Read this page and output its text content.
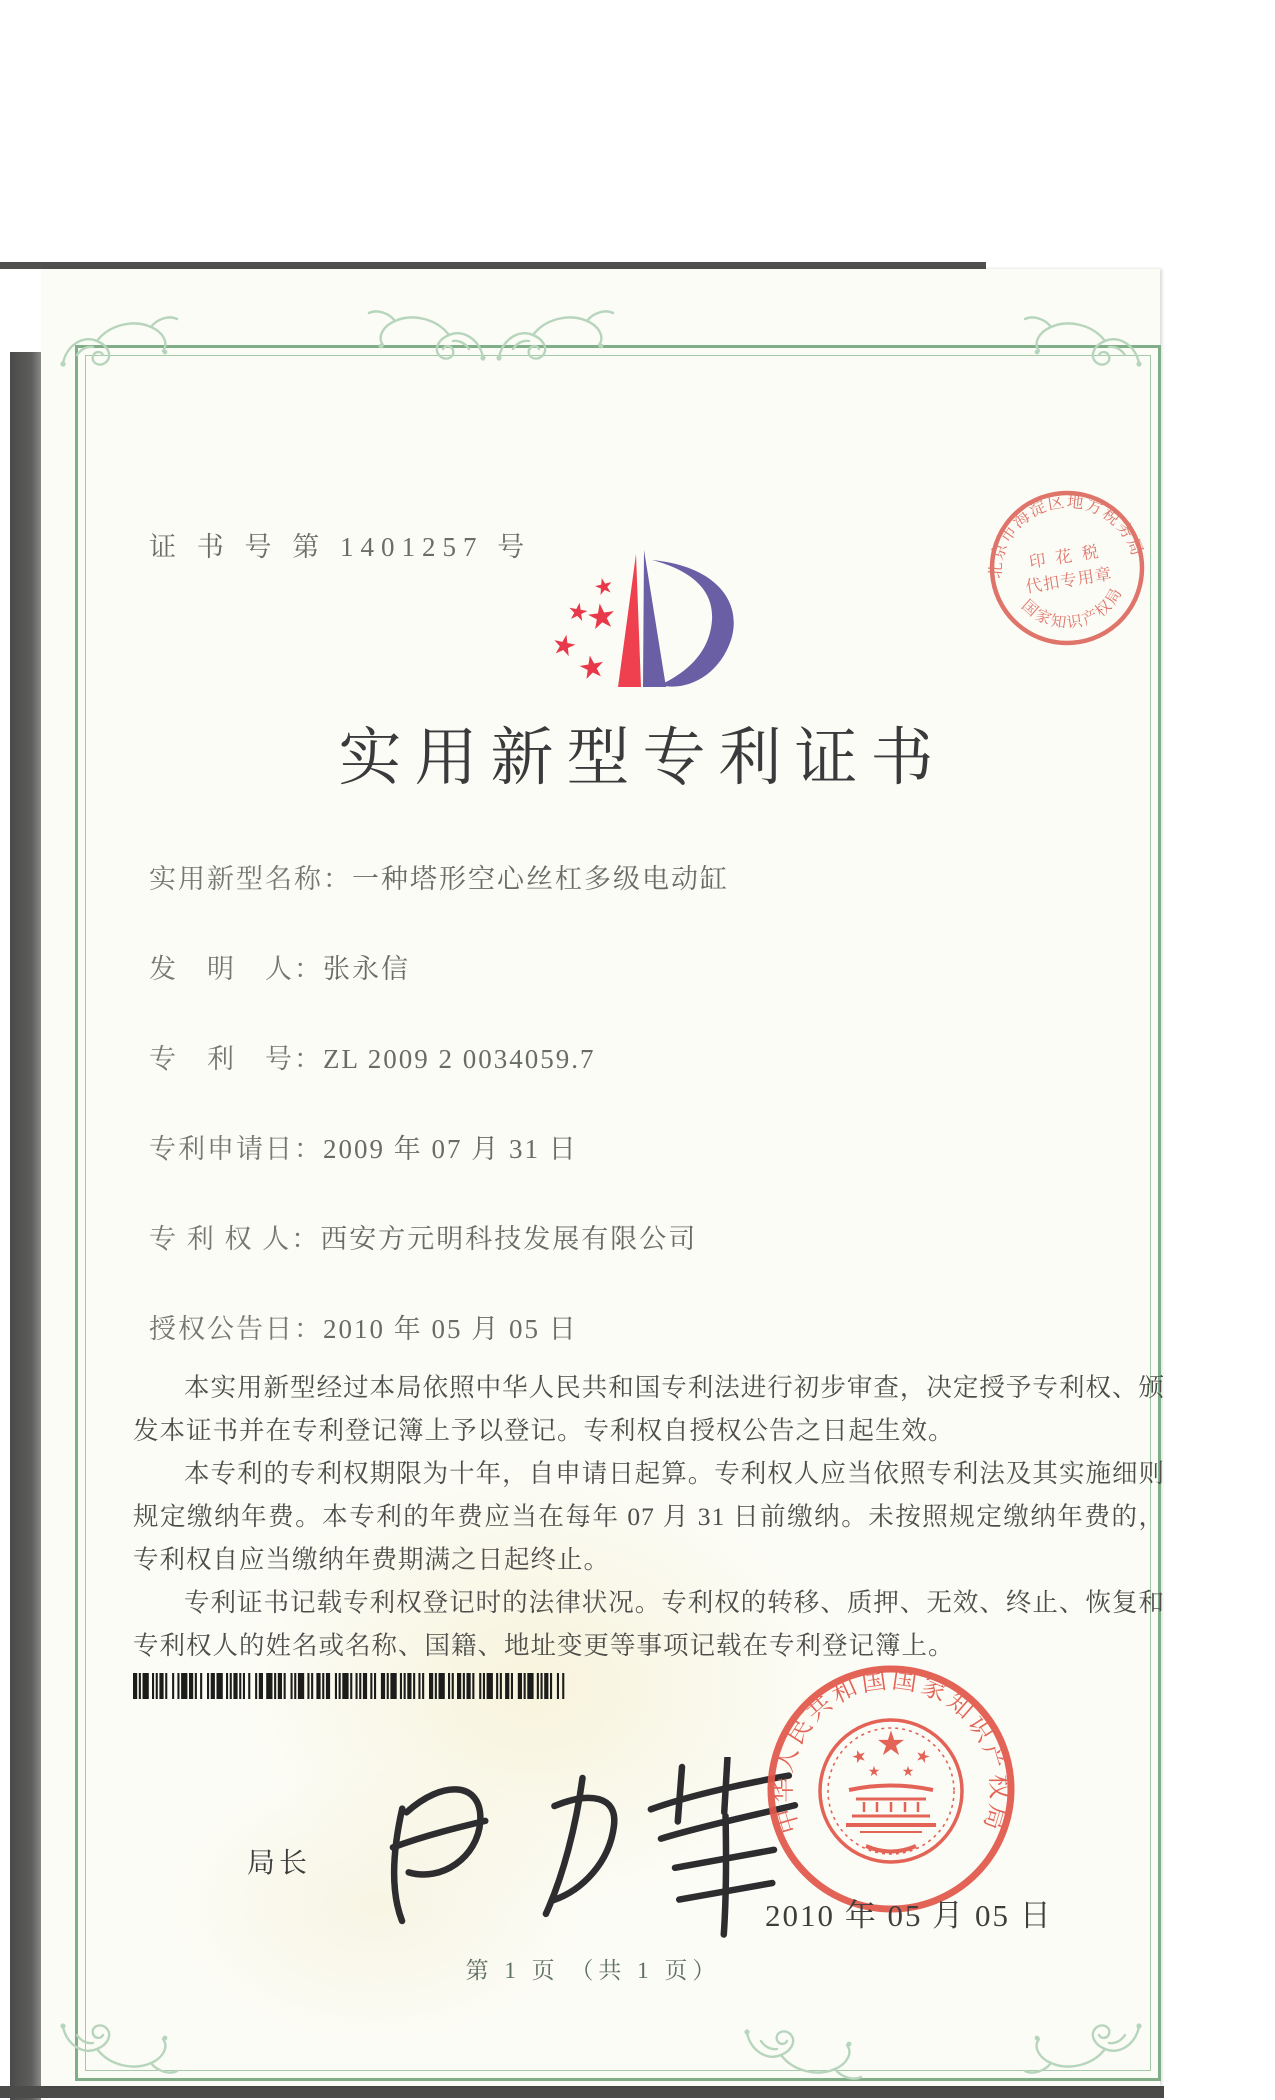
证 书 号 第 1401257 号
★
★
★
★
★
北京市海淀区地方税务局
国家知识产权局
印 花 税
代扣专用章
实用新型专利证书
实用新型名称：一种塔形空心丝杠多级电动缸
发　明　人：张永信
专　利　号：ZL 2009 2 0034059.7
专利申请日：2009 年 07 月 31 日
专 利 权 人：西安方元明科技发展有限公司
授权公告日：2010 年 05 月 05 日

本实用新型经过本局依照中华人民共和国专利法进行初步审查，决定授予专利权、颁发本证书并在专利登记簿上予以登记。专利权自授权公告之日起生效。

本专利的专利权期限为十年，自申请日起算。专利权人应当依照专利法及其实施细则规定缴纳年费。本专利的年费应当在每年 07 月 31 日前缴纳。未按照规定缴纳年费的，专利权自应当缴纳年费期满之日起终止。

专利证书记载专利权登记时的法律状况。专利权的转移、质押、无效、终止、恢复和专利权人的姓名或名称、国籍、地址变更等事项记载在专利登记簿上。

局长
中华人民共和国国家知识产权局
★
★	★
★ ★
2010 年 05 月 05 日
第 1 页 （共 1 页）
